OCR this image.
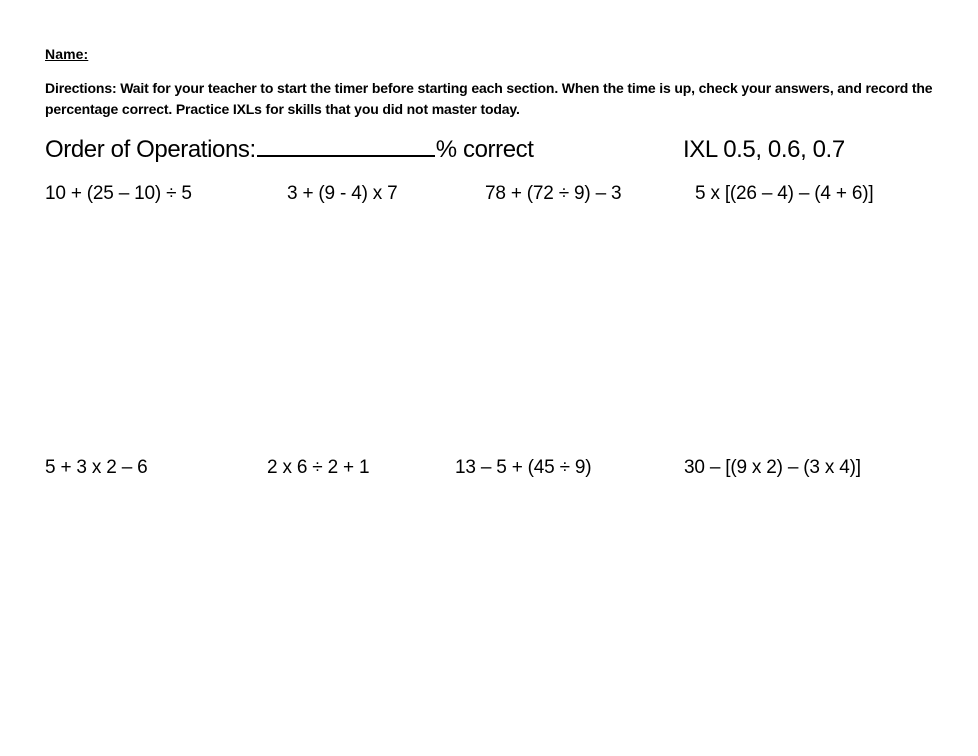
Name:
Directions: Wait for your teacher to start the timer before starting each section. When the time is up, check your answers, and record the percentage correct. Practice IXLs for skills that you did not master today.
Order of Operations:	% correct	IXL 0.5, 0.6, 0.7
10 + (25 – 10) ÷ 5	3 + (9 - 4) x 7	78 + (72 ÷ 9) – 3	5 x [(26 – 4) – (4 + 6)]
5 + 3 x 2 – 6	2 x 6 ÷ 2 + 1	13 – 5 + (45 ÷ 9)	30 – [(9 x 2) – (3 x 4)]
